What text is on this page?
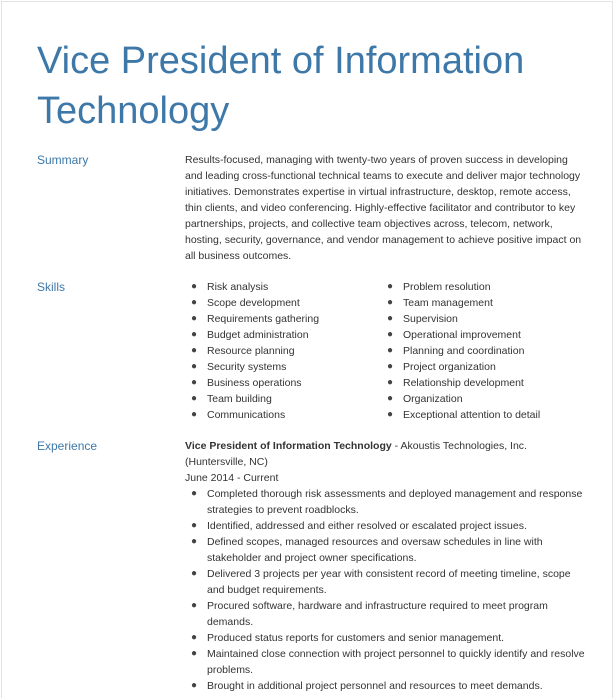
Vice President of Information Technology
Summary	Results-focused, managing with twenty-two years of proven success in developing and leading cross-functional technical teams to execute and deliver major technology initiatives. Demonstrates expertise in virtual infrastructure, desktop, remote access, thin clients, and video conferencing. Highly-effective facilitator and contributor to key partnerships, projects, and collective team objectives across, telecom, network, hosting, security, governance, and vendor management to achieve positive impact on all business outcomes.

Skills	● Risk analysis
● Scope development
● Requirements gathering
● Budget administration
● Resource planning
● Security systems
● Business operations
● Team building
● Communications
● Problem resolution
● Team management
● Supervision
● Operational improvement
● Planning and coordination
● Project organization
● Relationship development
● Organization
● Exceptional attention to detail
Experience	Vice President of Information Technology - Akoustis Technologies, Inc.

(Huntersville, NC)

June 2014 - Current

● Completed thorough risk assessments and deployed management and response strategies to prevent roadblocks.
● Identified, addressed and either resolved or escalated project issues.
● Defined scopes, managed resources and oversaw schedules in line with stakeholder and project owner specifications.
● Delivered 3 projects per year with consistent record of meeting timeline, scope and budget requirements.
● Procured software, hardware and infrastructure required to meet program demands.
● Produced status reports for customers and senior management.
● Maintained close connection with project personnel to quickly identify and resolve problems.
● Brought in additional project personnel and resources to meet demands.
